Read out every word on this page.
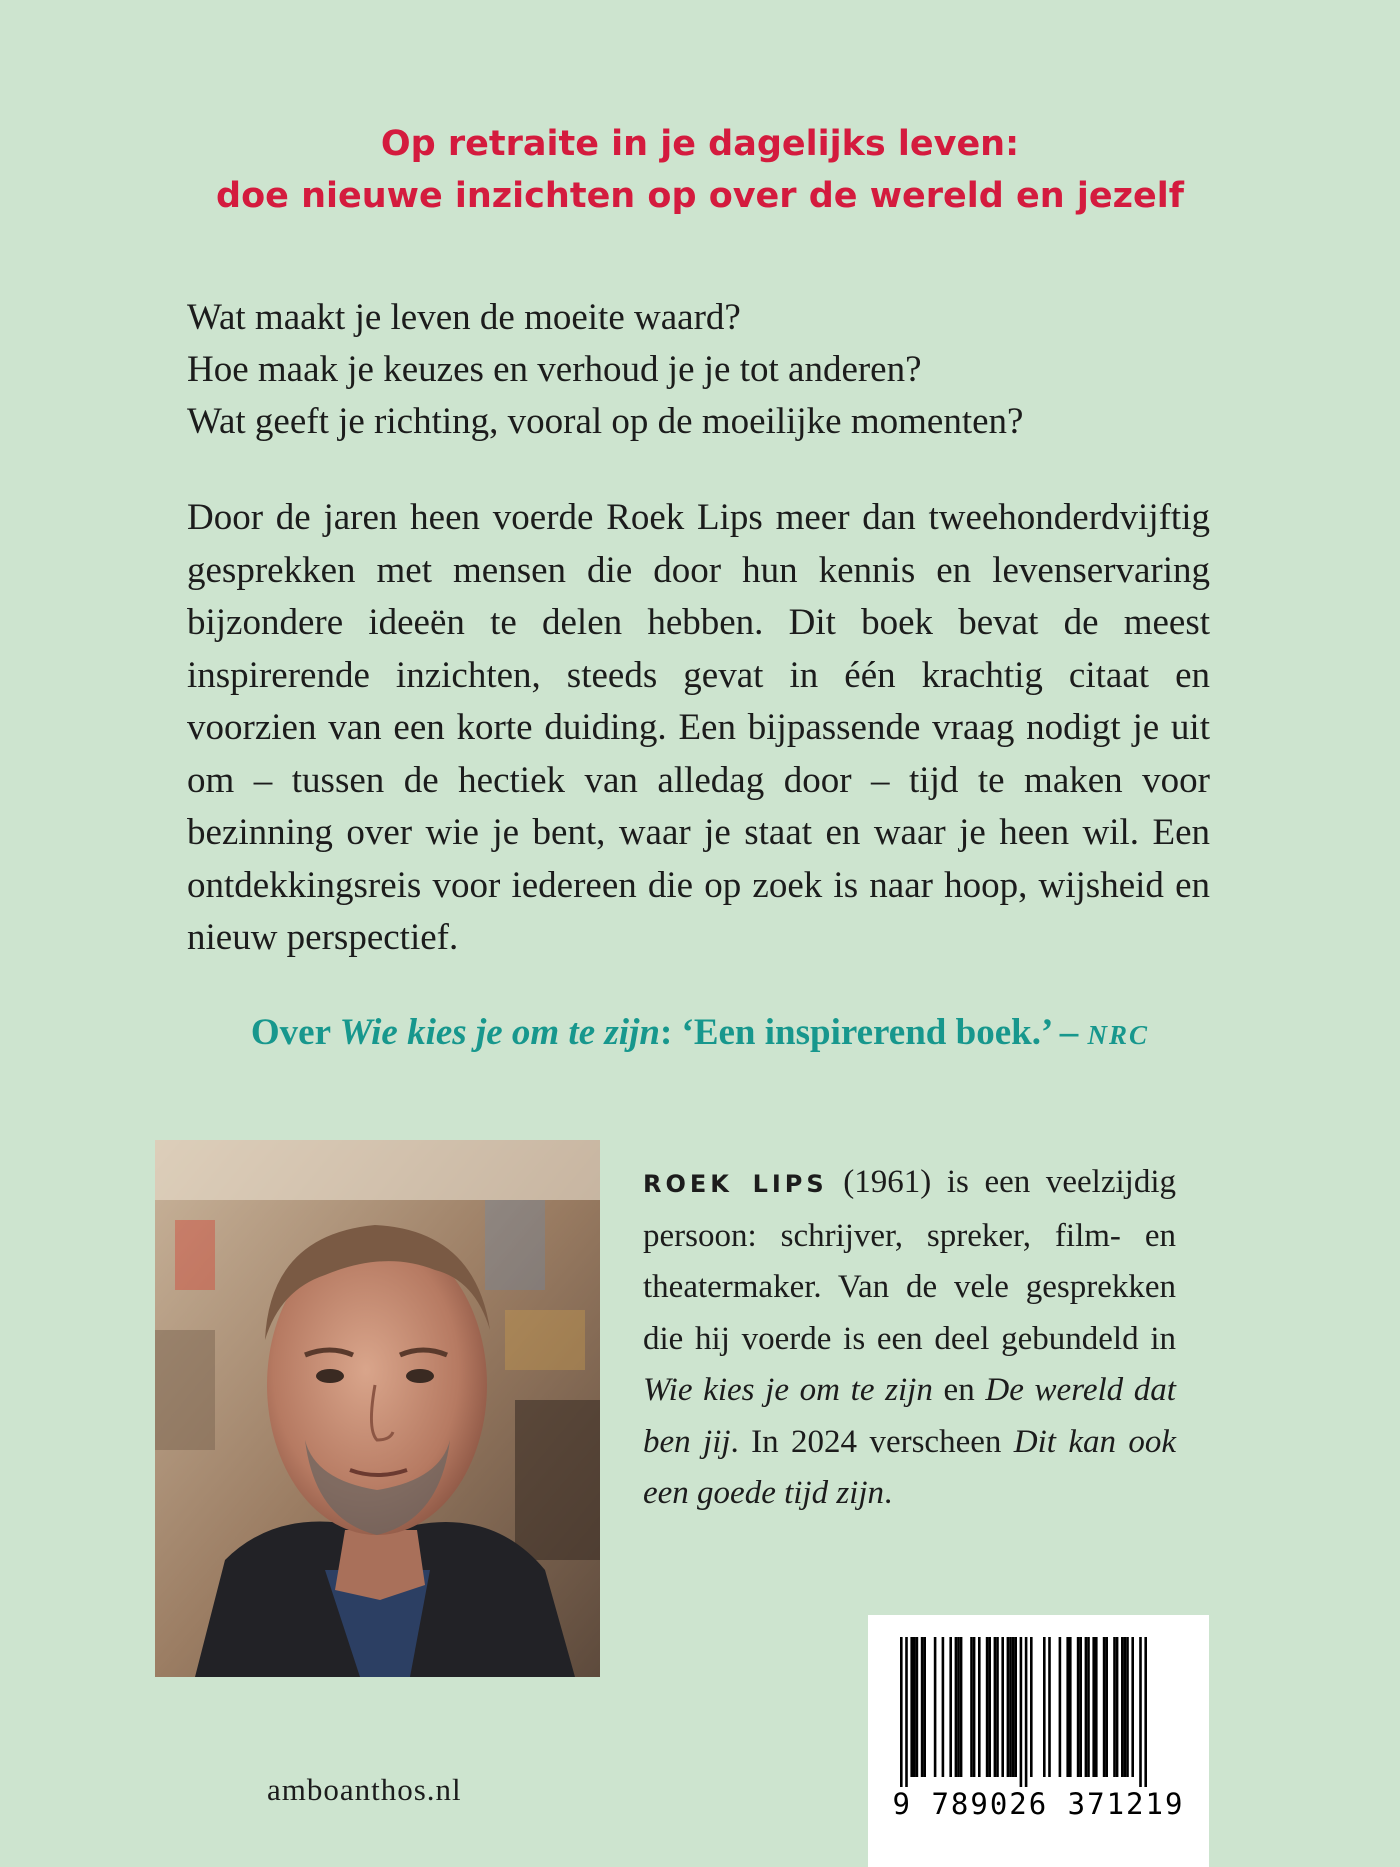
Op retraite in je dagelijks leven:
doe nieuwe inzichten op over de wereld en jezelf
Wat maakt je leven de moeite waard?
Hoe maak je keuzes en verhoud je je tot anderen?
Wat geeft je richting, vooral op de moeilijke momenten?
Door de jaren heen voerde Roek Lips meer dan tweehonderdvijftig gesprekken met mensen die door hun kennis en levenservaring bijzondere ideeën te delen hebben. Dit boek bevat de meest inspirerende inzichten, steeds gevat in één krachtig citaat en voorzien van een korte duiding. Een bijpassende vraag nodigt je uit om – tussen de hectiek van alledag door – tijd te maken voor bezinning over wie je bent, waar je staat en waar je heen wil. Een ontdekkingsreis voor iedereen die op zoek is naar hoop, wijsheid en nieuw perspectief.
Over Wie kies je om te zijn: ‘Een inspirerend boek.’ – NRC
ROEK LIPS (1961) is een veelzijdig persoon: schrijver, spreker, film- en theatermaker. Van de vele gesprekken die hij voerde is een deel gebundeld in Wie kies je om te zijn en De wereld dat ben jij. In 2024 verscheen Dit kan ook een goede tijd zijn.
amboanthos.nl	9 789026 371219
